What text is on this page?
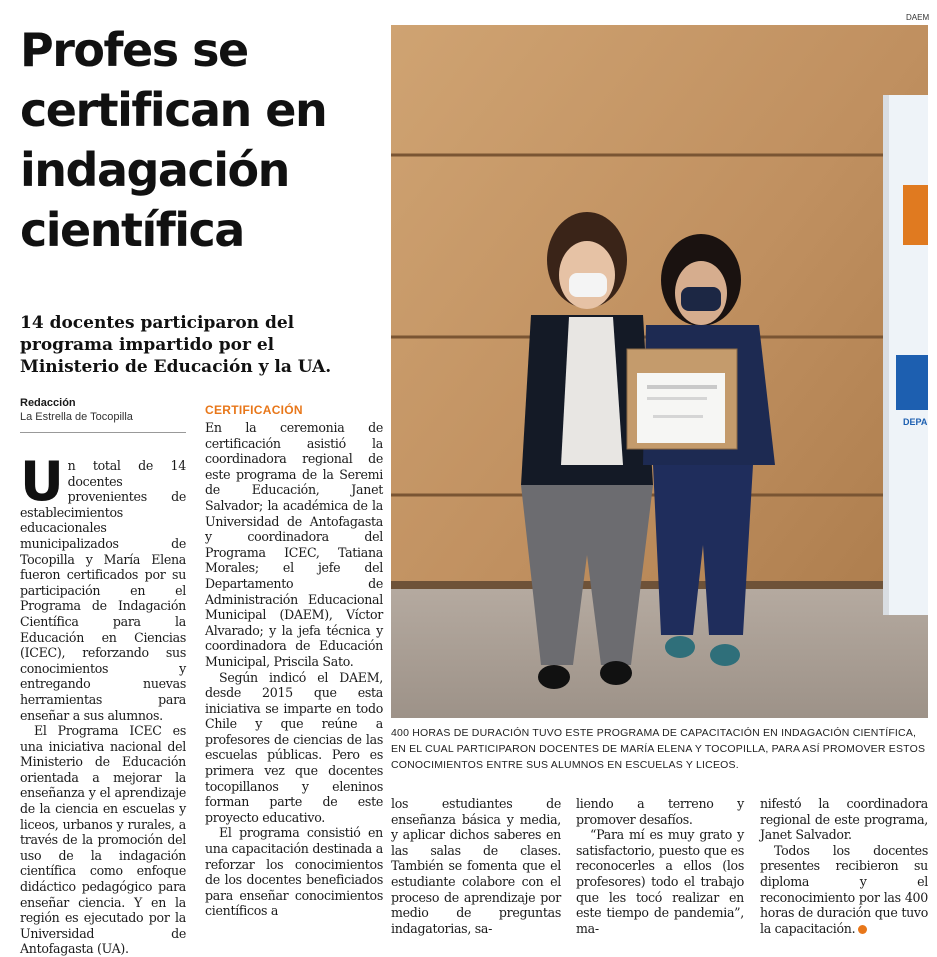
DAEM
Profes se certifican en indagación científica
14 docentes participaron del programa impartido por el Ministerio de Educación y la UA.
Redacción
La Estrella de Tocopilla
U n total de 14 docentes provenientes de establecimientos educacionales municipalizados de Tocopilla y María Elena fueron certificados por su participación en el Programa de Indagación Científica para la Educación en Ciencias (ICEC), reforzando sus conocimientos y entregando nuevas herramientas para enseñar a sus alumnos.

El Programa ICEC es una iniciativa nacional del Ministerio de Educación orientada a mejorar la enseñanza y el aprendizaje de la ciencia en escuelas y liceos, urbanos y rurales, a través de la promoción del uso de la indagación científica como enfoque didáctico pedagógico para enseñar ciencia. Y en la región es ejecutado por la Universidad de Antofagasta (UA).

CERTIFICACIÓN

En la ceremonia de certificación asistió la coordinadora regional de este programa de la Seremi de Educación, Janet Salvador; la académica de la Universidad de Antofagasta y coordinadora del Programa ICEC, Tatiana Morales; el jefe del Departamento de Administración Educacional Municipal (DAEM), Víctor Alvarado; y la jefa técnica y coordinadora de Educación Municipal, Priscila Sato.

Según indicó el DAEM, desde 2015 que esta iniciativa se imparte en todo Chile y que reúne a profesores de ciencias de las escuelas públicas. Pero es primera vez que docentes tocopillanos y eleninos forman parte de este proyecto educativo.

El programa consistió en una capacitación destinada a reforzar los conocimientos de los docentes beneficiados para enseñar conocimientos científicos a

DEPA
400 HORAS DE DURACIÓN TUVO ESTE PROGRAMA DE CAPACITACIÓN EN INDAGACIÓN CIENTÍFICA, EN EL CUAL PARTICIPARON DOCENTES DE MARÍA ELENA Y TOCOPILLA, PARA ASÍ PROMOVER ESTOS CONOCIMIENTOS ENTRE SUS ALUMNOS EN ESCUELAS Y LICEOS.

los estudiantes de enseñanza básica y media, y aplicar dichos saberes en las salas de clases. También se fomenta que el estudiante colabore con el proceso de aprendizaje por medio de preguntas indagatorias, sa-

liendo a terreno y promover desafíos.

“Para mí es muy grato y satisfactorio, puesto que es reconocerles a ellos (los profesores) todo el trabajo que les tocó realizar en este tiempo de pandemia”, ma-

nifestó la coordinadora regional de este programa, Janet Salvador.

Todos los docentes presentes recibieron su diploma y el reconocimiento por las 400 horas de duración que tuvo la capacitación.
